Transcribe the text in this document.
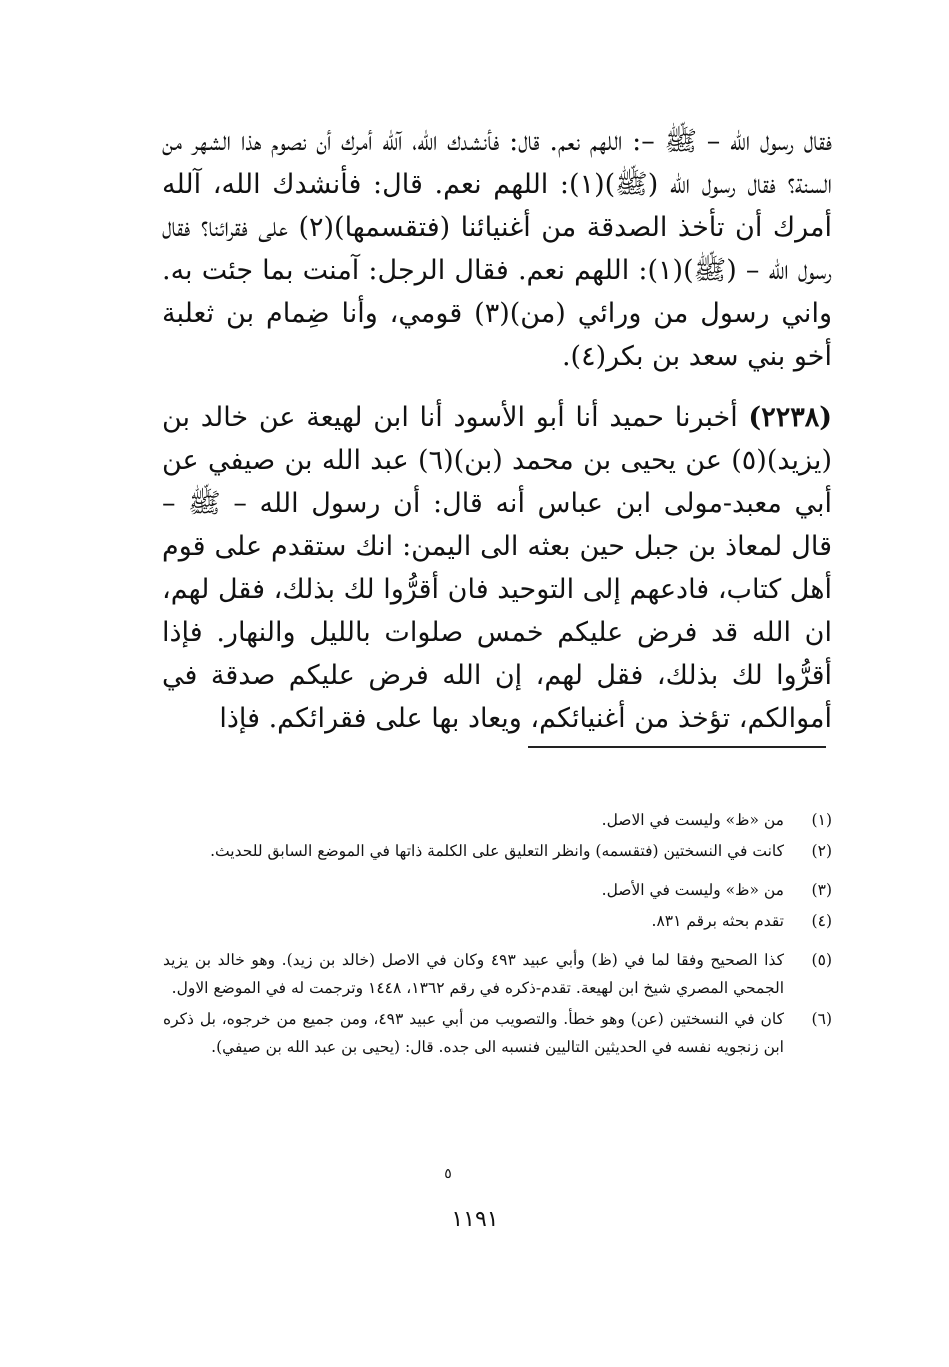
فقال رسول الله – ﷺ –: اللهم نعم. قال: فأنشدك الله، آلله أمرك أن نصوم هذا الشهر من السنة؟ فقال رسول الله (ﷺ)(١): اللهم نعم. قال: فأنشدك الله، آلله أمرك أن تأخذ الصدقة من أغنيائنا (فتقسمها)(٢) على فقرائنا؟ فقال رسول الله – (ﷺ)(١): اللهم نعم. فقال الرجل: آمنت بما جئت به. واني رسول من ورائي (من)(٣) قومي، وأنا ضِمام بن ثعلبة أخو بني سعد بن بكر(٤).

(٢٢٣٨) أخبرنا حميد أنا أبو الأسود أنا ابن لهيعة عن خالد بن (يزيد)(٥) عن يحيى بن محمد (بن)(٦) عبد الله بن صيفي عن أبي معبد-مولى ابن عباس أنه قال: أن رسول الله – ﷺ – قال لمعاذ بن جبل حين بعثه الى اليمن: انك ستقدم على قوم أهل كتاب، فادعهم إلى التوحيد فان أقرُّوا لك بذلك، فقل لهم، ان الله قد فرض عليكم خمس صلوات بالليل والنهار. فإذا أقرُّوا لك بذلك، فقل لهم، إن الله فرض عليكم صدقة في أموالكم، تؤخذ من أغنيائكم، ويعاد بها على فقرائكم. فإذا

(١)
من «ظ» وليست في الاصل.
(٢)
كانت في النسختين (فتقسمه) وانظر التعليق على الكلمة ذاتها في الموضع السابق للحديث.
(٣)
من «ظ» وليست في الأصل.
(٤)
تقدم بحثه برقم ٨٣١.
(٥)
كذا الصحيح وفقا لما في (ظ) وأبي عبيد ٤٩٣ وكان في الاصل (خالد بن زيد). وهو خالد بن يزيد الجمحي المصري شيخ ابن لهيعة. تقدم-ذكره في رقم ١٣٦٢، ١٤٤٨ وترجمت له في الموضع الاول.
(٦)
كان في النسختين (عن) وهو خطأ. والتصويب من أبي عبيد ٤٩٣، ومن جميع من خرجوه، بل ذكره ابن زنجويه نفسه في الحديثين التاليين فنسبه الى جده. قال: (يحيى بن عبد الله بن صيفي).
٥
١١٩١
